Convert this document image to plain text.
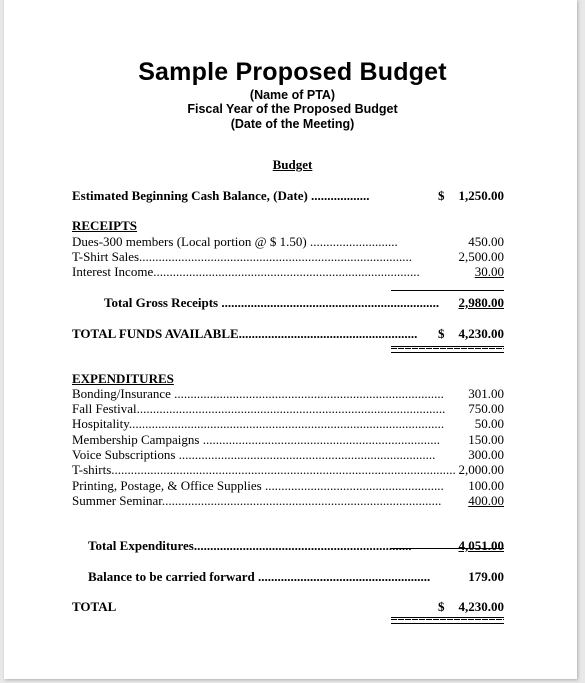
Sample Proposed Budget
(Name of PTA)
Fiscal Year of the Proposed Budget
(Date of the Meeting)
Budget
Estimated Beginning Cash Balance, (Date) ..................	$	1,250.00
RECEIPTS
Dues-300 members (Local portion @ $ 1.50) ...........................	450.00
T-Shirt Sales....................................................................................	2,500.00
Interest Income..................................................................................	30.00
Total Gross Receipts ...................................................................	2,980.00
TOTAL FUNDS AVAILABLE....................................................... $	4,230.00
EXPENDITURES
Bonding/Insurance ...................................................................................	301.00
Fall Festival...............................................................................................	750.00
Hospitality.................................................................................................	50.00
Membership Campaigns .........................................................................	150.00
Voice Subscriptions ...............................................................................	300.00
T-shirts.......................................................................................................... 2,000.00
Printing, Postage, & Office Supplies .......................................................	100.00
Summer Seminar......................................................................................	400.00
Total Expenditures...................................................................	4,051.00
Balance to be carried forward .....................................................	179.00
TOTAL	$	4,230.00
